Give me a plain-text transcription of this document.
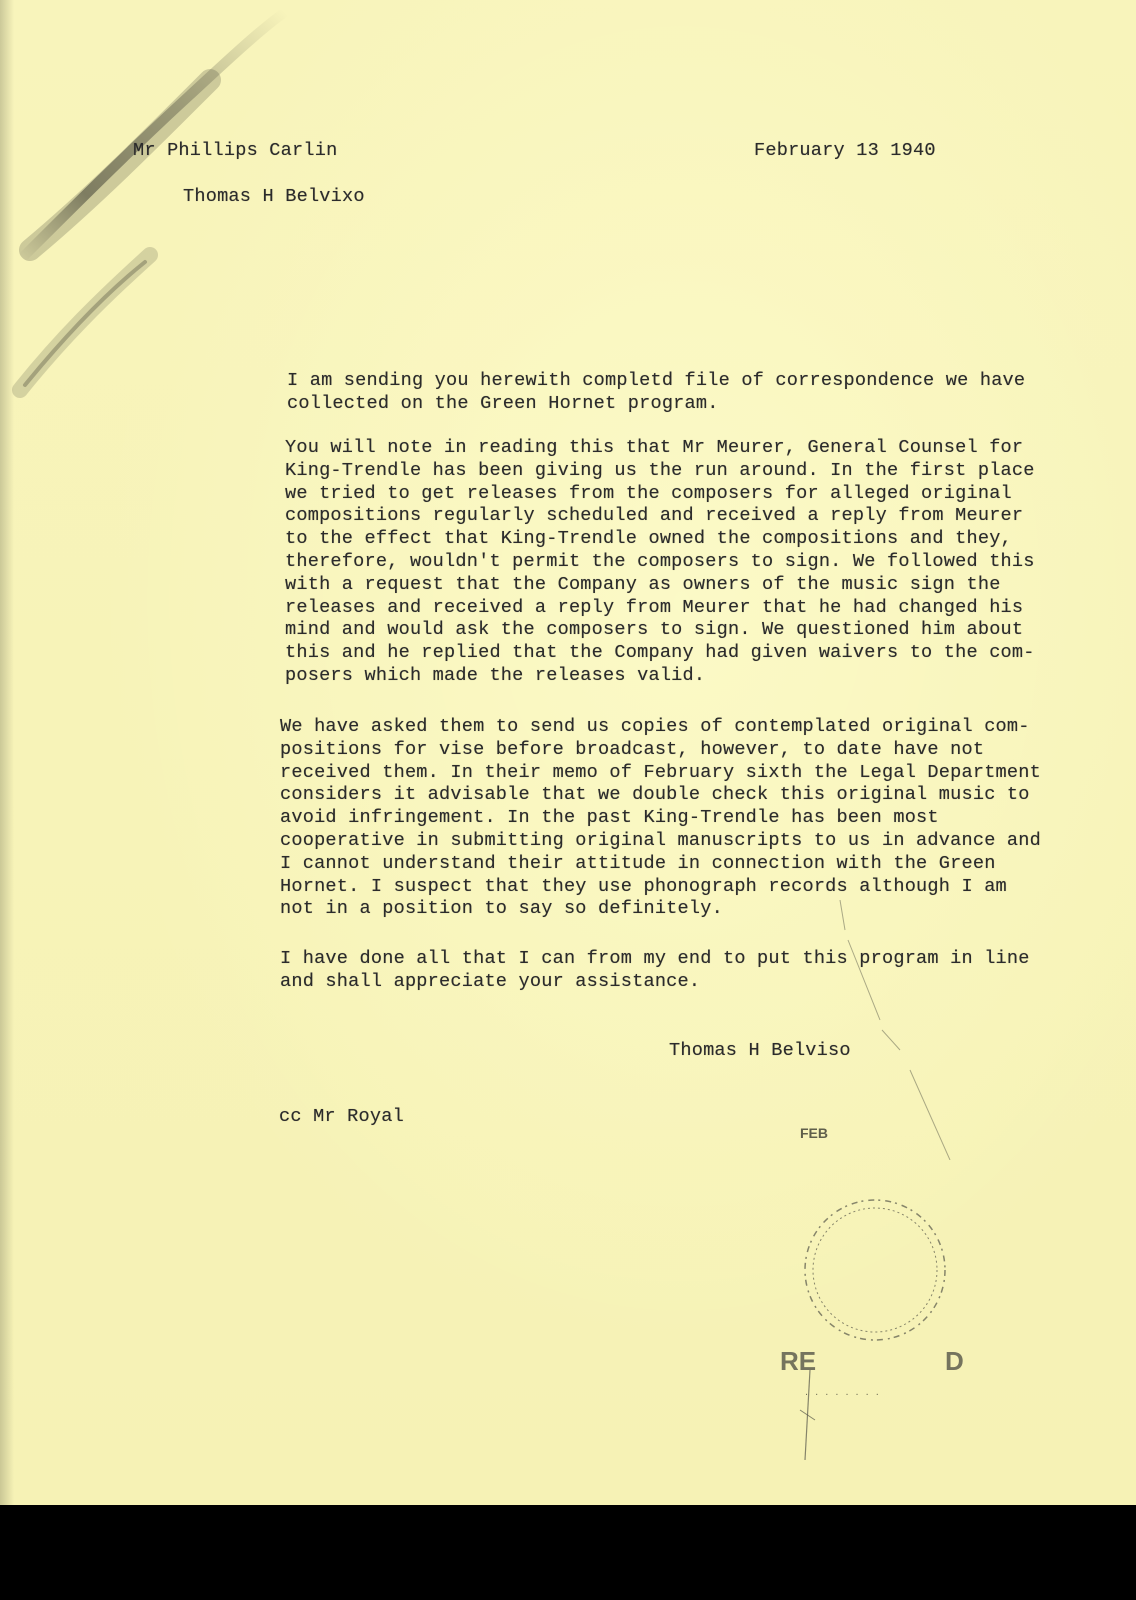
Mr Phillips Carlin
Thomas H Belvixo
February 13 1940
I am sending you herewith completd file of correspondence we have
collected on the Green Hornet program.
You will note in reading this that Mr Meurer, General Counsel for
King-Trendle has been giving us the run around. In the first place
we tried to get releases from the composers for alleged original
compositions regularly scheduled and received a reply from Meurer
to the effect that King-Trendle owned the compositions and they,
therefore, wouldn't permit the composers to sign. We followed this
with a request that the Company as owners of the music sign the
releases and received a reply from Meurer that he had changed his
mind and would ask the composers to sign. We questioned him about
this and he replied that the Company had given waivers to the com-
posers which made the releases valid.
We have asked them to send us copies of contemplated original com-
positions for vise before broadcast, however, to date have not
received them. In their memo of February sixth the Legal Department
considers it advisable that we double check this original music to
avoid infringement. In the past King-Trendle has been most
cooperative in submitting original manuscripts to us in advance and
I cannot understand their attitude in connection with the Green
Hornet. I suspect that they use phonograph records although I am
not in a position to say so definitely.
I have done all that I can from my end to put this program in line
and shall appreciate your assistance.
Thomas H Belviso
cc Mr Royal
RE	D
FEB
. . . . . . . .
